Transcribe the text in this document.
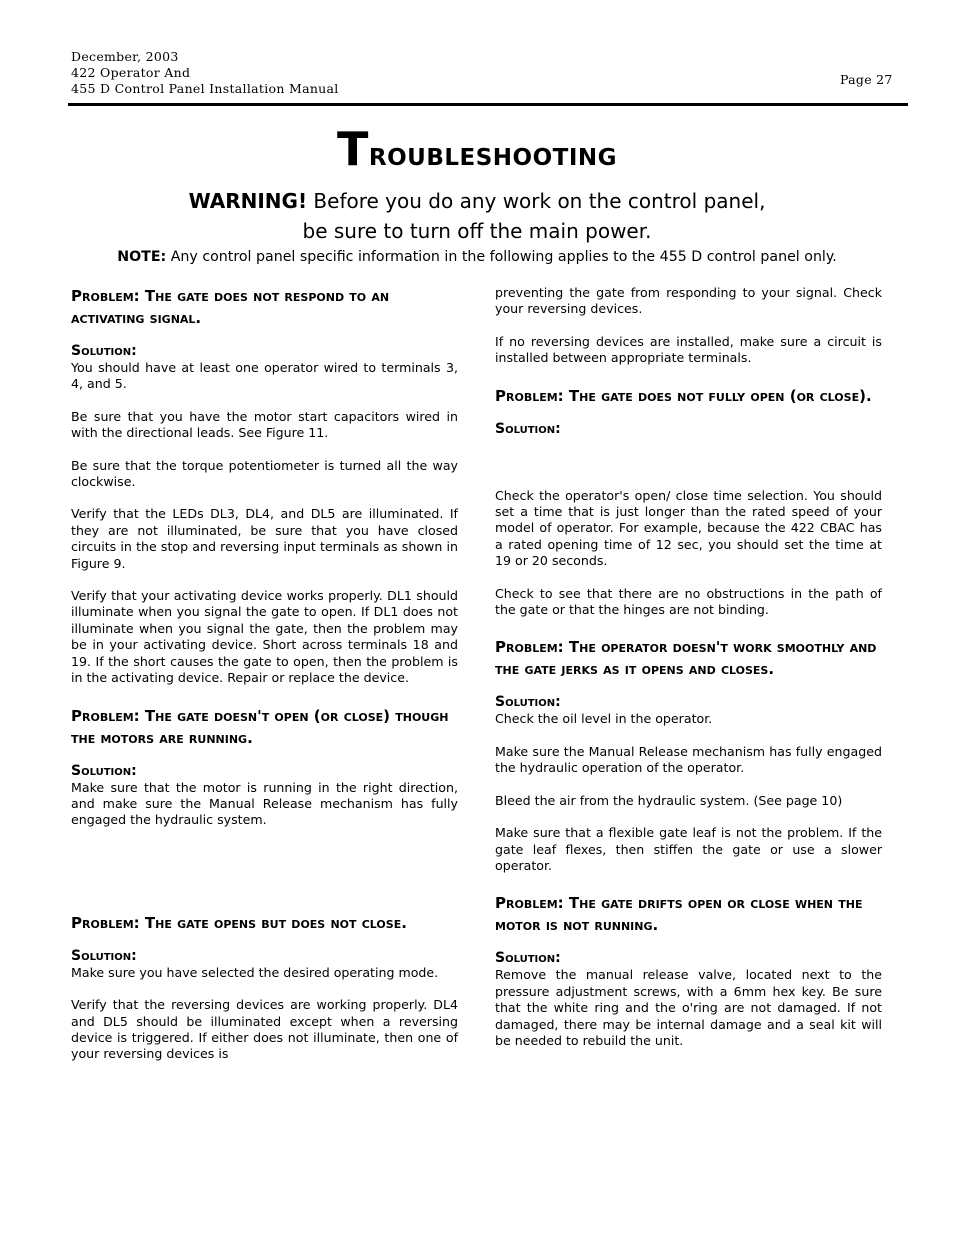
December, 2003
422 Operator And
455 D Control Panel Installation Manual
Page 27
Troubleshooting
WARNING! Before you do any work on the control panel,
be sure to turn off the main power.
NOTE: Any control panel specific information in the following applies to the 455 D control panel only.
Problem: The gate does not respond to an activating signal.
Solution:

You should have at least one operator wired to terminals 3, 4, and 5.

Be sure that you have the motor start capacitors wired in with the directional leads. See Figure 11.

Be sure that the torque potentiometer is turned all the way clockwise.

Verify that the LEDs DL3, DL4, and DL5 are illuminated. If they are not illuminated, be sure that you have closed circuits in the stop and reversing input terminals as shown in Figure 9.

Verify that your activating device works properly. DL1 should illuminate when you signal the gate to open. If DL1 does not illuminate when you signal the gate, then the problem may be in your activating device. Short across terminals 18 and 19. If the short causes the gate to open, then the problem is in the activating device. Repair or replace the device.

Problem: The gate doesn't open (or close) though the motors are running.
Solution:

Make sure that the motor is running in the right direction, and make sure the Manual Release mechanism has fully engaged the hydraulic system.

Problem: The gate opens but does not close.
Solution:

Make sure you have selected the desired operating mode.

Verify that the reversing devices are working properly. DL4 and DL5 should be illuminated except when a reversing device is triggered. If either does not illuminate, then one of your reversing devices is

preventing the gate from responding to your signal. Check your reversing devices.

If no reversing devices are installed, make sure a circuit is installed between appropriate terminals.

Problem: The gate does not fully open (or close).
Solution:

Check the operator's open/ close time selection. You should set a time that is just longer than the rated speed of your model of operator. For example, because the 422 CBAC has a rated opening time of 12 sec, you should set the time at 19 or 20 seconds.

Check to see that there are no obstructions in the path of the gate or that the hinges are not binding.

Problem: The operator doesn't work smoothly and the gate jerks as it opens and closes.
Solution:

Check the oil level in the operator.

Make sure the Manual Release mechanism has fully engaged the hydraulic operation of the operator.

Bleed the air from the hydraulic system. (See page 10)

Make sure that a flexible gate leaf is not the problem. If the gate leaf flexes, then stiffen the gate or use a slower operator.

Problem: The gate drifts open or close when the motor is not running.
Solution:

Remove the manual release valve, located next to the pressure adjustment screws, with a 6mm hex key. Be sure that the white ring and the o'ring are not damaged. If not damaged, there may be internal damage and a seal kit will be needed to rebuild the unit.
